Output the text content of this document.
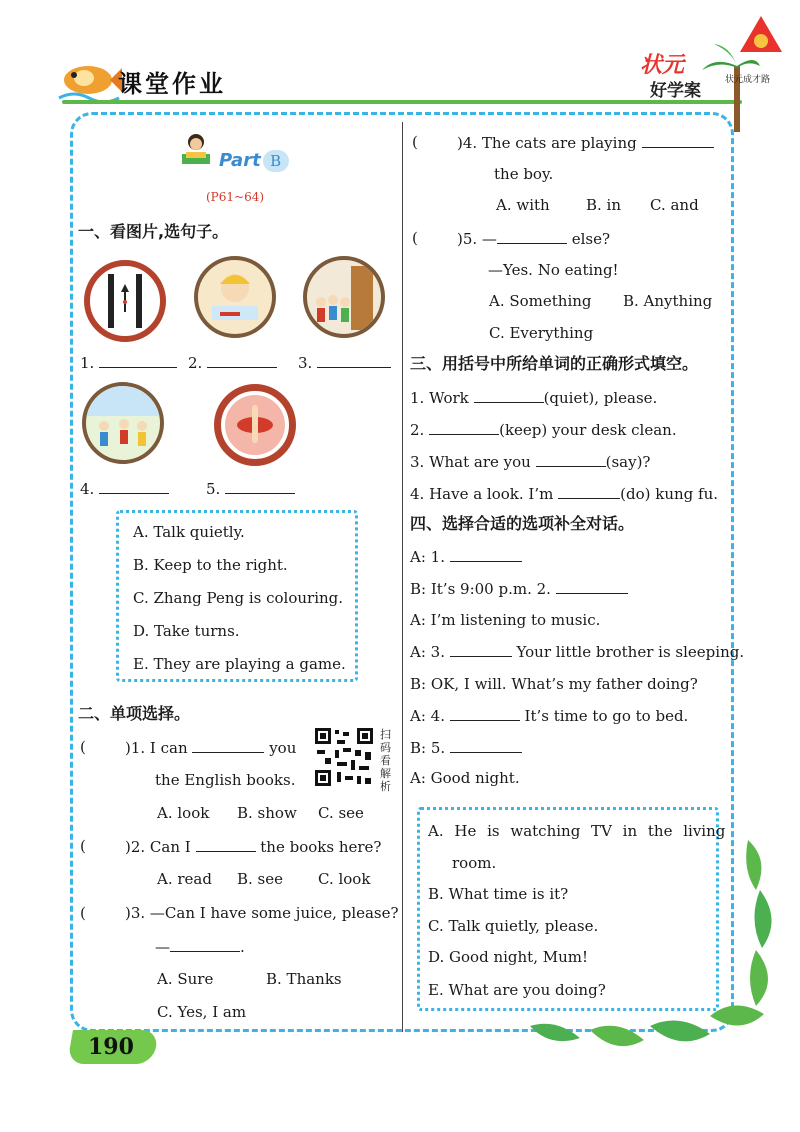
课堂作业
状元
好学案
状元成才路
Part B
(P61~64)
一、看图片,选句子。
1.	2.	3.
4.	5.
A. Talk quietly.
B. Keep to the right.
C. Zhang Peng is colouring.
D. Take turns.
E. They are playing a game.
二、单项选择。
扫码看解析
(	)1. I can	you
the English books.
A. look B. show C. see
(	)2. Can I	the books here?
A. read B. see C. look
(	)3. —Can I have some juice, please?
—	.
A. Sure	B. Thanks
C. Yes, I am
(	)4. The cats are playing
the boy.
A. with B. in C. and
(	)5. —	else?
—Yes. No eating!
A. Something B. Anything
C. Everything
三、用括号中所给单词的正确形式填空。
1. Work	(quiet), please.
2.	(keep) your desk clean.
3. What are you	(say)?
4. Have a look. I’m	(do) kung fu.
四、选择合适的选项补全对话。
A: 1.
B: It’s 9:00 p.m. 2.
A: I’m listening to music.
A: 3.	Your little brother is sleeping.
B: OK, I will. What’s my father doing?
A: 4.	It’s time to go to bed.
B: 5.
A: Good night.
A. He is watching TV in the living
room.
B. What time is it?
C. Talk quietly, please.
D. Good night, Mum!
E. What are you doing?
190
